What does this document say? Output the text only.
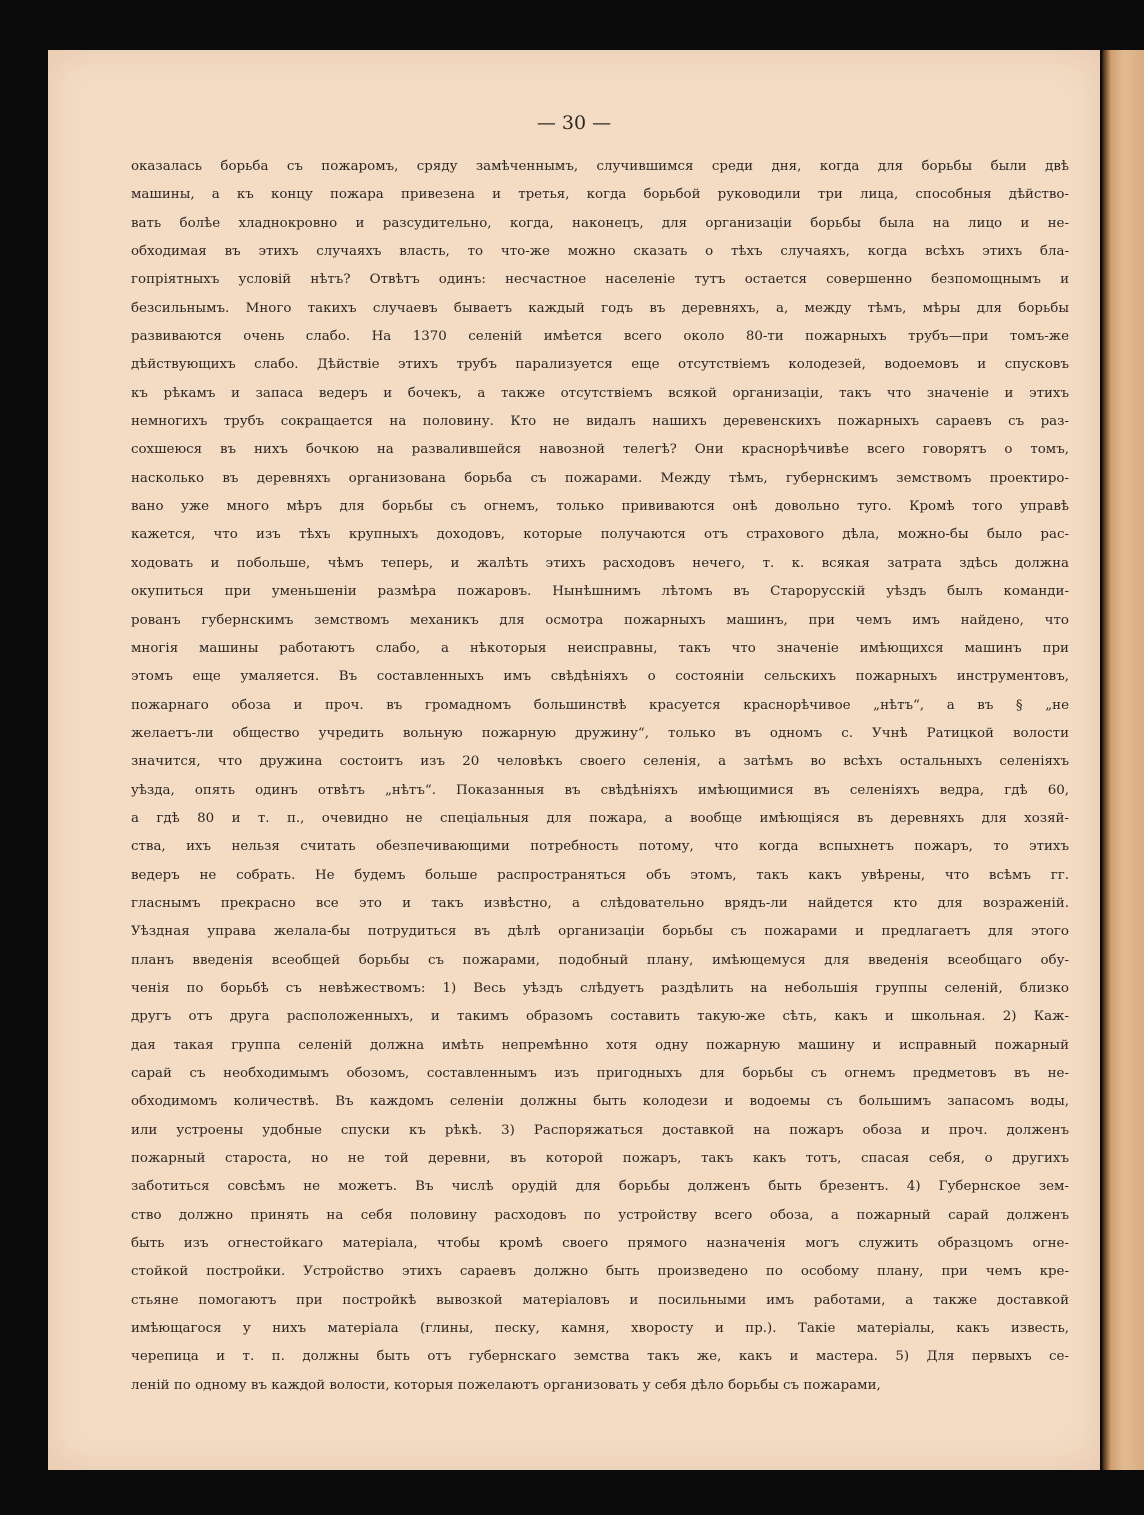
— 30 —
оказалась борьба съ пожаромъ, сряду замѣченнымъ, случившимся среди дня, когда для борьбы были двѣ
машины, а къ концу пожара привезена и третья, когда борьбой руководили три лица, способныя дѣйство-
вать болѣе хладнокровно и разсудительно, когда, наконецъ, для организаціи борьбы была на лицо и не-
обходимая въ этихъ случаяхъ власть, то что-же можно сказать о тѣхъ случаяхъ, когда всѣхъ этихъ бла-
гопріятныхъ условій нѣтъ? Отвѣтъ одинъ: несчастное населеніе тутъ остается совершенно безпомощнымъ и
безсильнымъ. Много такихъ случаевъ бываетъ каждый годъ въ деревняхъ, а, между тѣмъ, мѣры для борьбы
развиваются очень слабо. На 1370 селеній имѣется всего около 80-ти пожарныхъ трубъ—при томъ-же
дѣйствующихъ слабо. Дѣйствіе этихъ трубъ парализуется еще отсутствіемъ колодезей, водоемовъ и спусковъ
къ рѣкамъ и запаса ведеръ и бочекъ, а также отсутствіемъ всякой организаціи, такъ что значеніе и этихъ
немногихъ трубъ сокращается на половину. Кто не видалъ нашихъ деревенскихъ пожарныхъ сараевъ съ раз-
сохшеюся въ нихъ бочкою на развалившейся навозной телегѣ? Они краснорѣчивѣе всего говорятъ о томъ,
насколько въ деревняхъ организована борьба съ пожарами. Между тѣмъ, губернскимъ земствомъ проектиро-
вано уже много мѣръ для борьбы съ огнемъ, только прививаются онѣ довольно туго. Кромѣ того управѣ
кажется, что изъ тѣхъ крупныхъ доходовъ, которые получаются отъ страхового дѣла, можно-бы было рас-
ходовать и побольше, чѣмъ теперь, и жалѣть этихъ расходовъ нечего, т. к. всякая затрата здѣсь должна
окупиться при уменьшеніи размѣра пожаровъ. Нынѣшнимъ лѣтомъ въ Старорусскій уѣздъ былъ команди-
рованъ губернскимъ земствомъ механикъ для осмотра пожарныхъ машинъ, при чемъ имъ найдено, что
многія машины работаютъ слабо, а нѣкоторыя неисправны, такъ что значеніе имѣющихся машинъ при
этомъ еще умаляется. Въ составленныхъ имъ свѣдѣніяхъ о состояніи сельскихъ пожарныхъ инструментовъ,
пожарнаго обоза и проч. въ громадномъ большинствѣ красуется краснорѣчивое „нѣтъ“, а въ § „не
желаетъ-ли общество учредить вольную пожарную дружину“, только въ одномъ с. Учнѣ Ратицкой волости
значится, что дружина состоитъ изъ 20 человѣкъ своего селенія, а затѣмъ во всѣхъ остальныхъ селеніяхъ
уѣзда, опять одинъ отвѣтъ „нѣтъ“. Показанныя въ свѣдѣніяхъ имѣющимися въ селеніяхъ ведра, гдѣ 60,
а гдѣ 80 и т. п., очевидно не спеціальныя для пожара, а вообще имѣющіяся въ деревняхъ для хозяй-
ства, ихъ нельзя считать обезпечивающими потребность потому, что когда вспыхнетъ пожаръ, то этихъ
ведеръ не собрать. Не будемъ больше распространяться объ этомъ, такъ какъ увѣрены, что всѣмъ гг.
гласнымъ прекрасно все это и такъ извѣстно, а слѣдовательно врядъ-ли найдется кто для возраженій.
Уѣздная управа желала-бы потрудиться въ дѣлѣ организаціи борьбы съ пожарами и предлагаетъ для этого
планъ введенія всеобщей борьбы съ пожарами, подобный плану, имѣющемуся для введенія всеобщаго обу-
ченія по борьбѣ съ невѣжествомъ: 1) Весь уѣздъ слѣдуетъ раздѣлить на небольшія группы селеній, близко
другъ отъ друга расположенныхъ, и такимъ образомъ составить такую-же сѣть, какъ и школьная. 2) Каж-
дая такая группа селеній должна имѣть непремѣнно хотя одну пожарную машину и исправный пожарный
сарай съ необходимымъ обозомъ, составленнымъ изъ пригодныхъ для борьбы съ огнемъ предметовъ въ не-
обходимомъ количествѣ. Въ каждомъ селеніи должны быть колодези и водоемы съ большимъ запасомъ воды,
или устроены удобные спуски къ рѣкѣ. 3) Распоряжаться доставкой на пожаръ обоза и проч. долженъ
пожарный староста, но не той деревни, въ которой пожаръ, такъ какъ тотъ, спасая себя, о другихъ
заботиться совсѣмъ не можетъ. Въ числѣ орудій для борьбы долженъ быть брезентъ. 4) Губернское зем-
ство должно принять на себя половину расходовъ по устройству всего обоза, а пожарный сарай долженъ
быть изъ огнестойкаго матеріала, чтобы кромѣ своего прямого назначенія могъ служить образцомъ огне-
стойкой постройки. Устройство этихъ сараевъ должно быть произведено по особому плану, при чемъ кре-
стьяне помогаютъ при постройкѣ вывозкой матеріаловъ и посильными имъ работами, а также доставкой
имѣющагося у нихъ матеріала (глины, песку, камня, хворосту и пр.). Такіе матеріалы, какъ известь,
черепица и т. п. должны быть отъ губернскаго земства такъ же, какъ и мастера. 5) Для первыхъ се-
леній по одному въ каждой волости, которыя пожелаютъ организовать у себя дѣло борьбы съ пожарами,
